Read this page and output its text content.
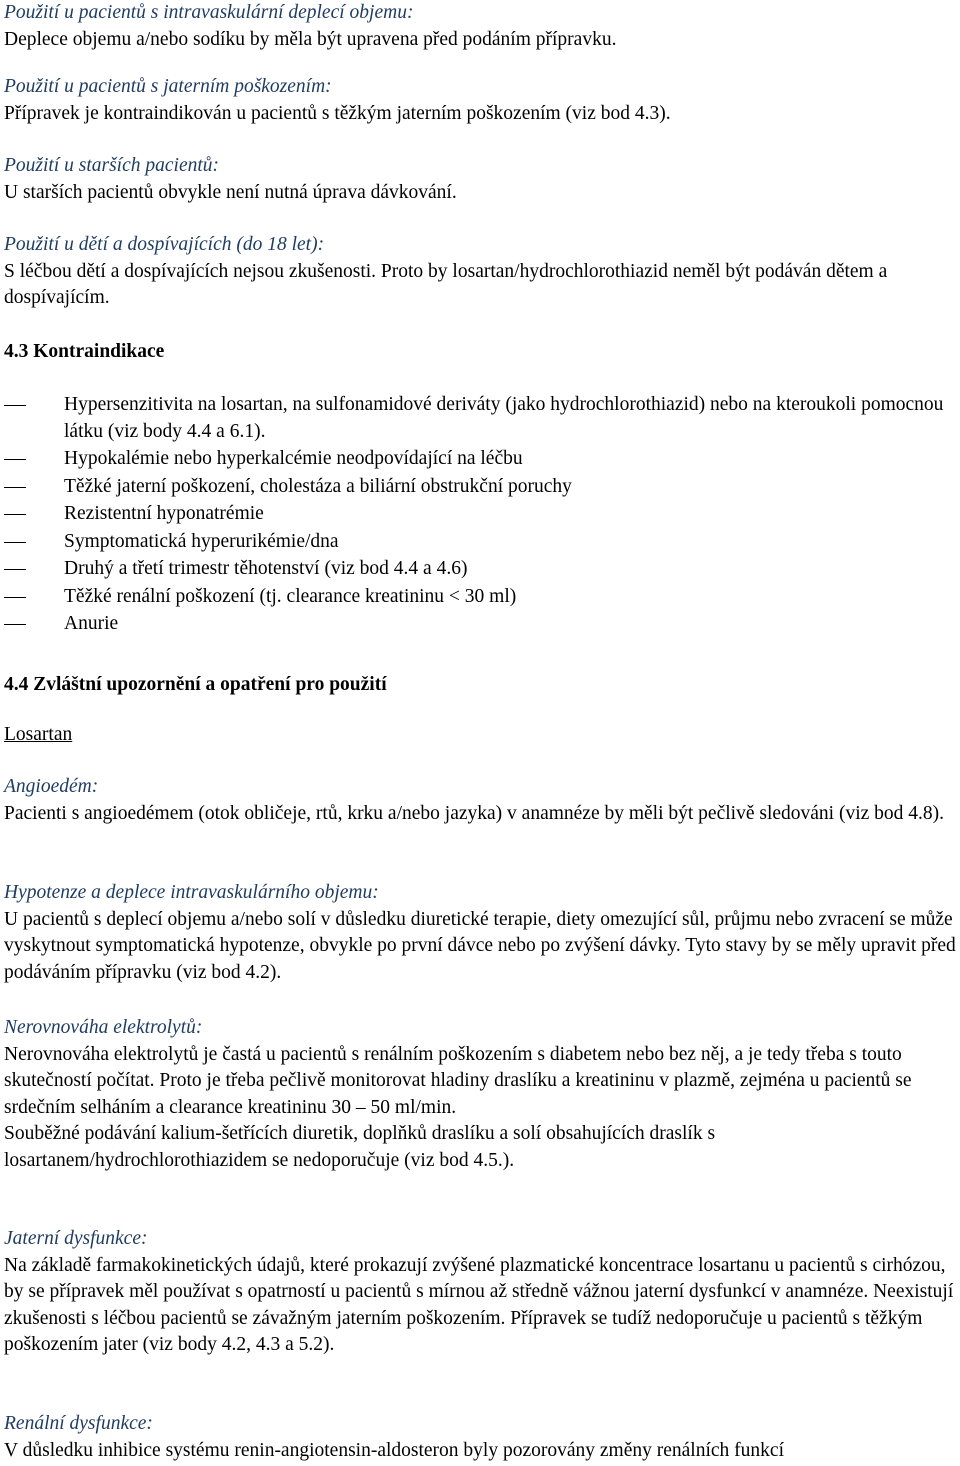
Použití u pacientů s intravaskulární deplecí objemu:

Deplece objemu a/nebo sodíku by měla být upravena před podáním přípravku.

Použití u pacientů s jaterním poškozením:

Přípravek je kontraindikován u pacientů s těžkým jaterním poškozením (viz bod 4.3).

Použití u starších pacientů:

U starších pacientů obvykle není nutná úprava dávkování.

Použití u dětí a dospívajících (do 18 let):

S léčbou dětí a dospívajících nejsou zkušenosti. Proto by losartan/hydrochlorothiazid neměl být podáván dětem a dospívajícím.

4.3 Kontraindikace

Hypersenzitivita na losartan, na sulfonamidové deriváty (jako hydrochlorothiazid) nebo na kteroukoli pomocnou látku (viz body 4.4 a 6.1).
Hypokalémie nebo hyperkalcémie neodpovídající na léčbu
Těžké jaterní poškození, cholestáza a biliární obstrukční poruchy
Rezistentní hyponatrémie
Symptomatická hyperurikémie/dna
Druhý a třetí trimestr těhotenství (viz bod 4.4 a 4.6)
Těžké renální poškození (tj. clearance kreatininu < 30 ml)
Anurie

4.4 Zvláštní upozornění a opatření pro použití

Losartan

Angioedém:

Pacienti s angioedémem (otok obličeje, rtů, krku a/nebo jazyka) v anamnéze by měli být pečlivě sledováni (viz bod 4.8).

Hypotenze a deplece intravaskulárního objemu:

U pacientů s deplecí objemu a/nebo solí v důsledku diuretické terapie, diety omezující sůl, průjmu nebo zvracení se může vyskytnout symptomatická hypotenze, obvykle po první dávce nebo po zvýšení dávky. Tyto stavy by se měly upravit před podáváním přípravku (viz bod 4.2).

Nerovnováha elektrolytů:

Nerovnováha elektrolytů je častá u pacientů s renálním poškozením s diabetem nebo bez něj, a je tedy třeba s touto skutečností počítat. Proto je třeba pečlivě monitorovat hladiny draslíku a kreatininu v plazmě, zejména u pacientů se srdečním selháním a clearance kreatininu 30 – 50 ml/min.

Souběžné podávání kalium-šetřících diuretik, doplňků draslíku a solí obsahujících draslík s losartanem/hydrochlorothiazidem se nedoporučuje (viz bod 4.5.).

Jaterní dysfunkce:

Na základě farmakokinetických údajů, které prokazují zvýšené plazmatické koncentrace losartanu u pacientů s cirhózou, by se přípravek měl používat s opatrností u pacientů s mírnou až středně vážnou jaterní dysfunkcí v anamnéze. Neexistují zkušenosti s léčbou pacientů se závažným jaterním poškozením. Přípravek se tudíž nedoporučuje u pacientů s těžkým poškozením jater (viz body 4.2, 4.3 a 5.2).

Renální dysfunkce:

V důsledku inhibice systému renin-angiotensin-aldosteron byly pozorovány změny renálních funkcí
